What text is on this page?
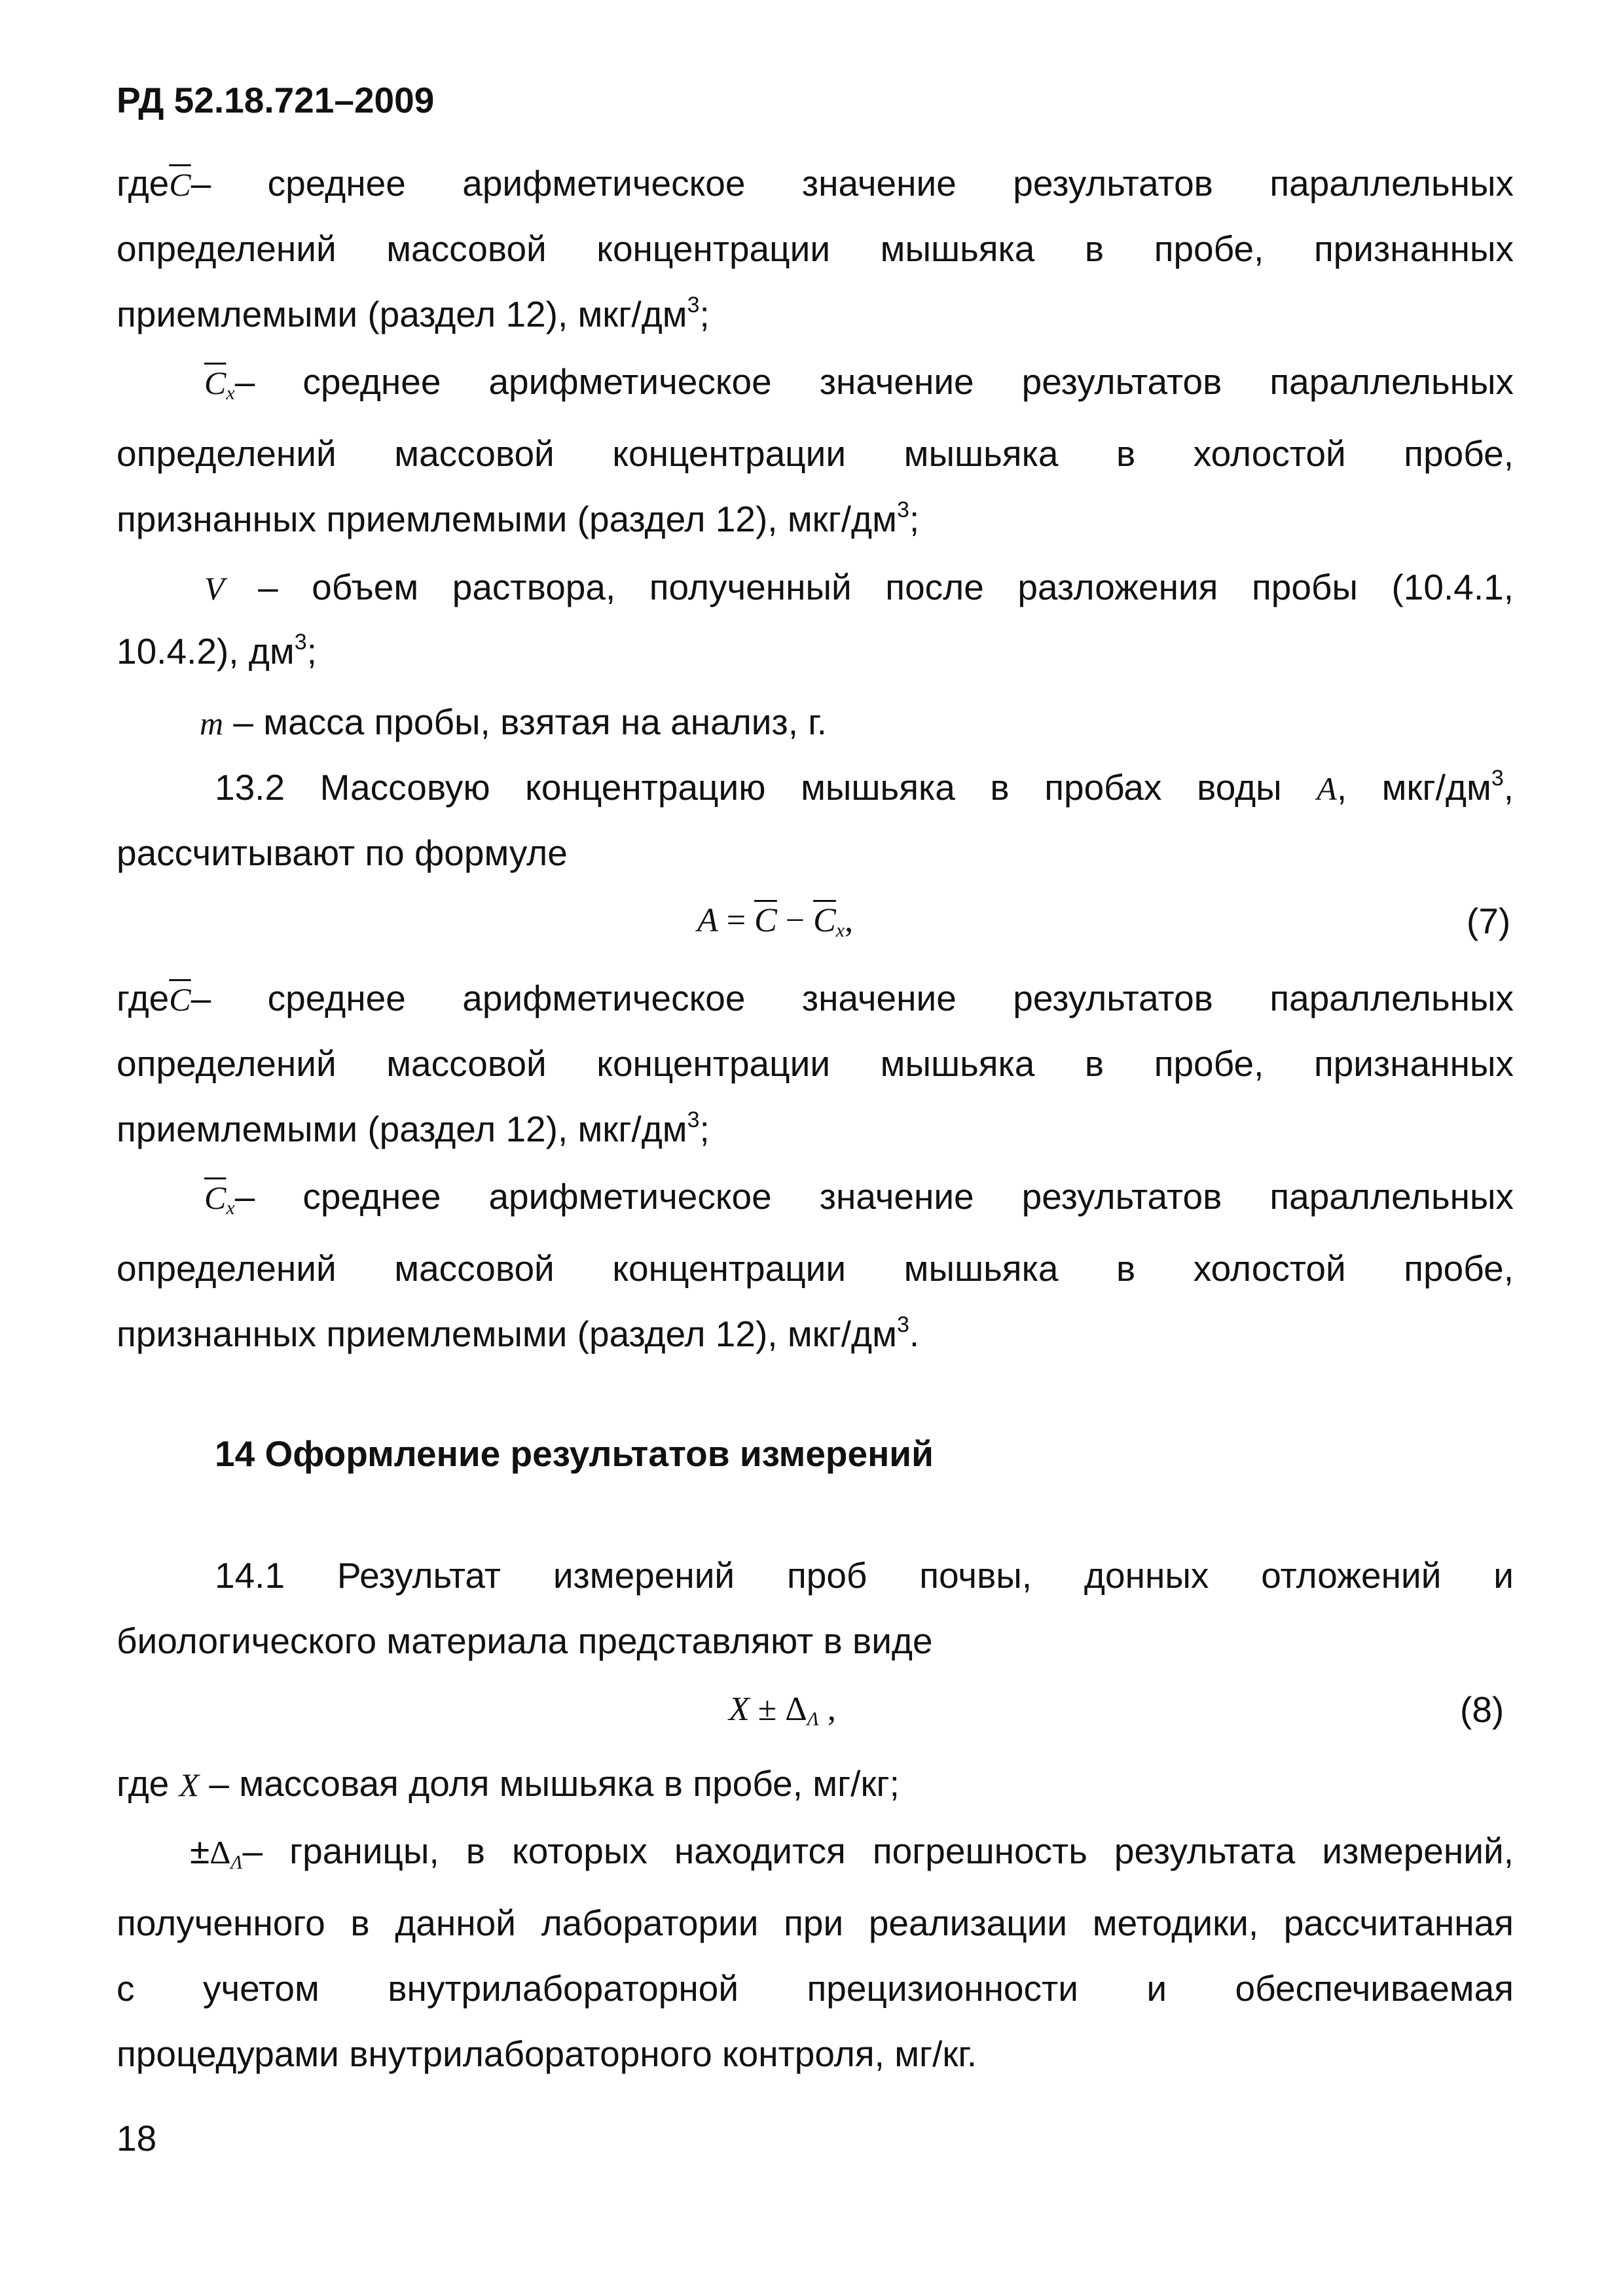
РД 52.18.721–2009
$где\overline{C}-$ среднее арифметическое значение результатов параллельных
определений массовой концентрации мышьяка в пробе, признанных
приемлемыми (раздел 12), мкг/$дм^3$;
$\overline{C}_x-$ среднее арифметическое значение результатов параллельных
определений массовой концентрации мышьяка в холостой пробе,
признанных приемлемыми (раздел 12), мкг/$дм^3$;
V – объем раствора, полученный после разложения пробы (10.4.1,
10.4.2), $дм^3$;
m – масса пробы, взятая на анализ, г.
13.2 Массовую концентрацию мышьяка в пробах воды A, мкг/$дм^3$,
рассчитывают по формуле
$A = \overline{C} - \overline{C}_x$,	(7)
$где\overline{C}-$ среднее арифметическое значение результатов параллельных
определений массовой концентрации мышьяка в пробе, признанных
приемлемыми (раздел 12), мкг/$дм^3$;
$\overline{C}_x-$ среднее арифметическое значение результатов параллельных
определений массовой концентрации мышьяка в холостой пробе,
признанных приемлемыми (раздел 12), мкг/$дм^3$.
14 Оформление результатов измерений
14.1 Результат измерений проб почвы, донных отложений и
биологического материала представляют в виде
$X \pm \Delta_\Lambda$ ,	(8)
где X – массовая доля мышьяка в пробе, мг/кг;
$\pm\Delta_\Lambda-$ границы, в которых находится погрешность результата измерений,
полученного в данной лаборатории при реализации методики, рассчитанная
с учетом внутрилабораторной прецизионности и обеспечиваемая
процедурами внутрилабораторного контроля, мг/кг.
18
